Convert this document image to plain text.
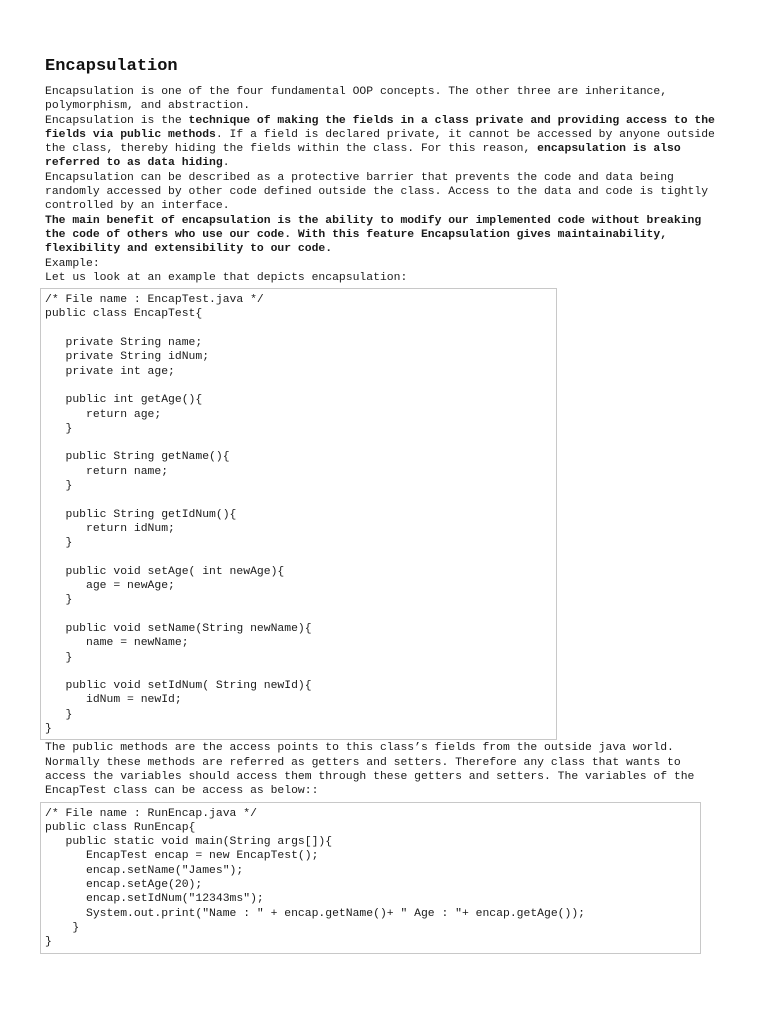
Encapsulation

Encapsulation is one of the four fundamental OOP concepts. The other three are inheritance, polymorphism, and abstraction.

Encapsulation is the technique of making the fields in a class private and providing access to the fields via public methods. If a field is declared private, it cannot be accessed by anyone outside the class, thereby hiding the fields within the class. For this reason, encapsulation is also referred to as data hiding.

Encapsulation can be described as a protective barrier that prevents the code and data being randomly accessed by other code defined outside the class. Access to the data and code is tightly controlled by an interface.

The main benefit of encapsulation is the ability to modify our implemented code without breaking the code of others who use our code. With this feature Encapsulation gives maintainability, flexibility and extensibility to our code.

Example:

Let us look at an example that depicts encapsulation:

/* File name : EncapTest.java */
public class EncapTest{
private String name;
private String idNum;
private int age;
public int getAge(){
return age;
}
public String getName(){
return name;
}
public String getIdNum(){
return idNum;
}
public void setAge( int newAge){
age = newAge;
}
public void setName(String newName){
name = newName;
}
public void setIdNum( String newId){
idNum = newId;
}
}

The public methods are the access points to this class’s fields from the outside java world. Normally these methods are referred as getters and setters. Therefore any class that wants to access the variables should access them through these getters and setters. The variables of the EncapTest class can be access as below::

/* File name : RunEncap.java */
public class RunEncap{
public static void main(String args[]){
EncapTest encap = new EncapTest();
encap.setName("James");
encap.setAge(20);
encap.setIdNum("12343ms");
System.out.print("Name : " + encap.getName()+ " Age : "+ encap.getAge());
}
}
